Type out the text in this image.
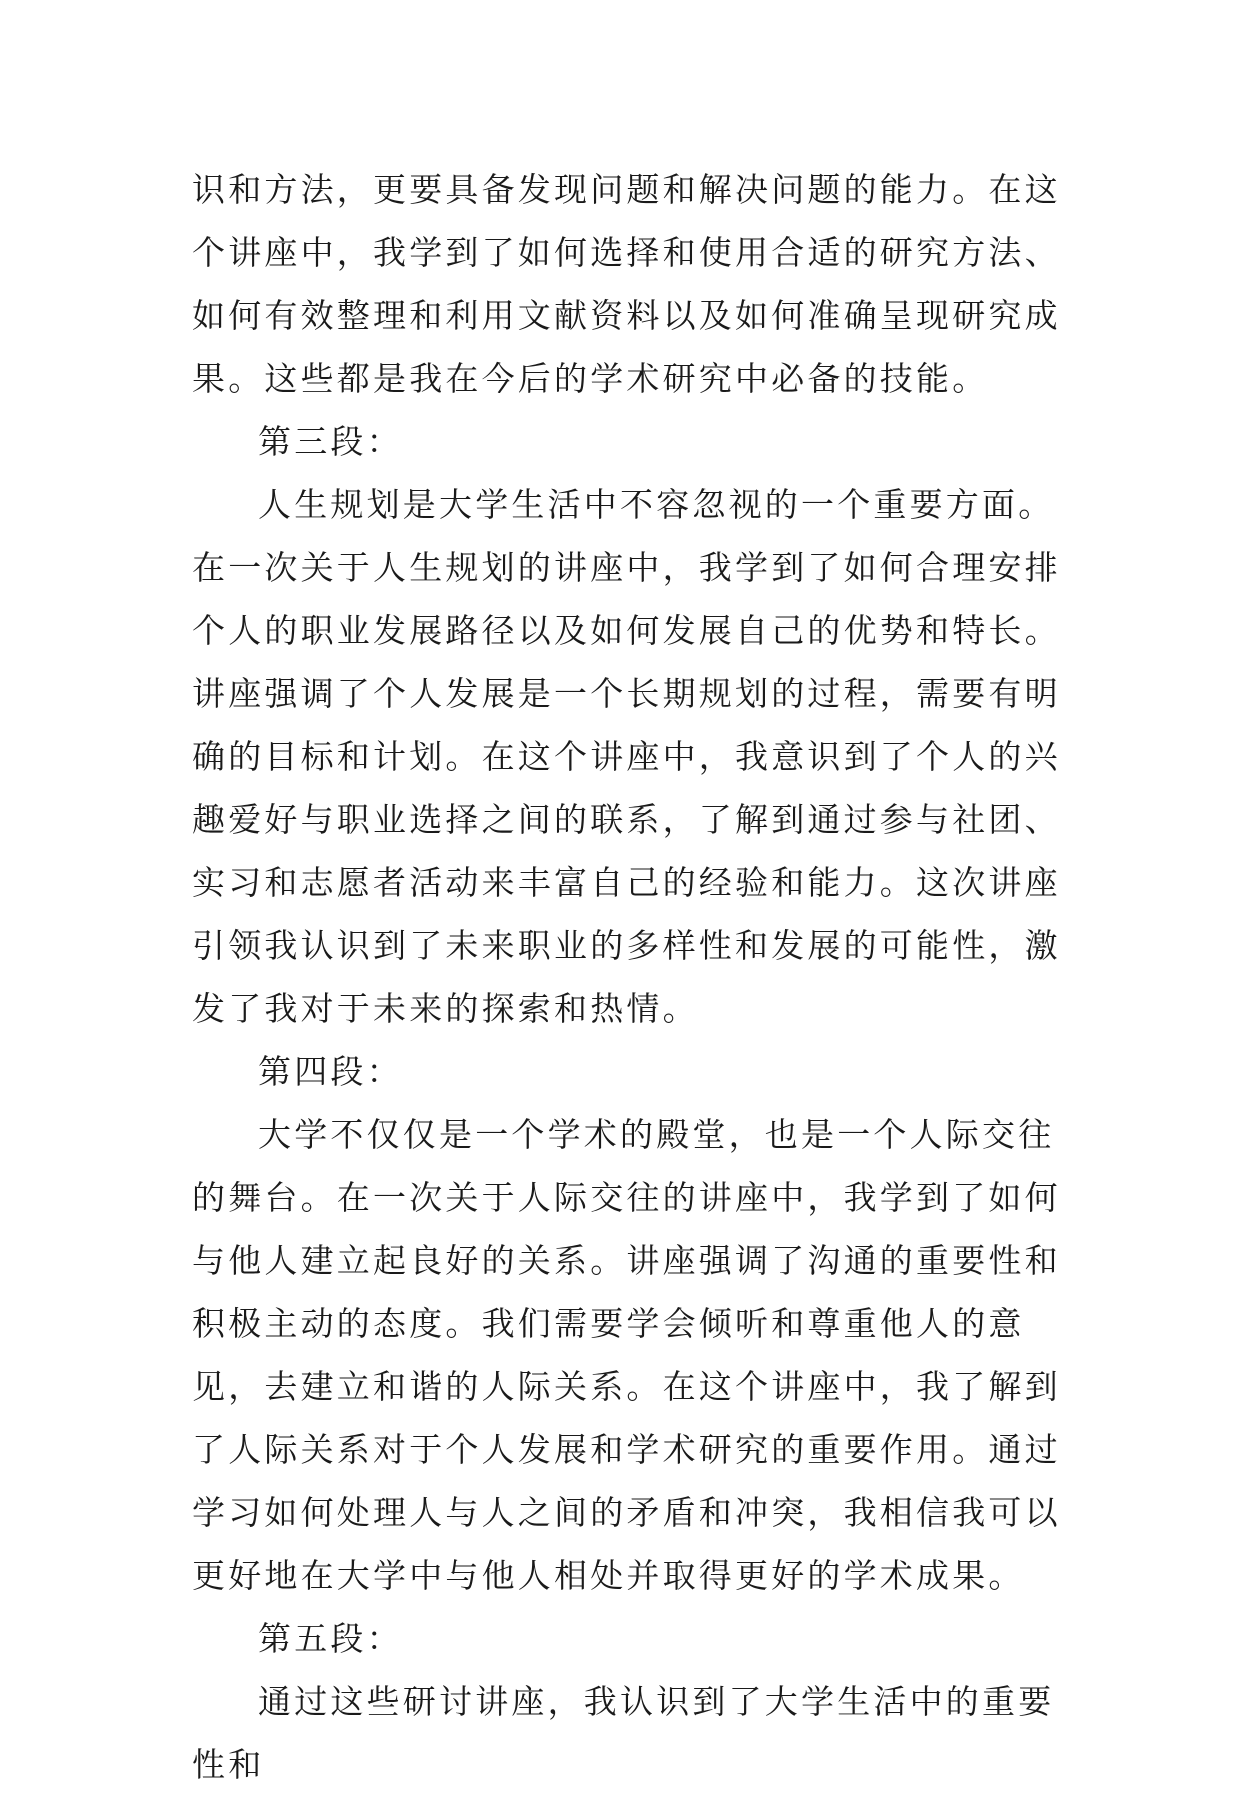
识和方法，更要具备发现问题和解决问题的能力。在这个讲座中，我学到了如何选择和使用合适的研究方法、如何有效整理和利用文献资料以及如何准确呈现研究成果。这些都是我在今后的学术研究中必备的技能。

第三段：

人生规划是大学生活中不容忽视的一个重要方面。在一次关于人生规划的讲座中，我学到了如何合理安排个人的职业发展路径以及如何发展自己的优势和特长。讲座强调了个人发展是一个长期规划的过程，需要有明确的目标和计划。在这个讲座中，我意识到了个人的兴趣爱好与职业选择之间的联系，了解到通过参与社团、实习和志愿者活动来丰富自己的经验和能力。这次讲座引领我认识到了未来职业的多样性和发展的可能性，激发了我对于未来的探索和热情。

第四段：

大学不仅仅是一个学术的殿堂，也是一个人际交往的舞台。在一次关于人际交往的讲座中，我学到了如何与他人建立起良好的关系。讲座强调了沟通的重要性和积极主动的态度。我们需要学会倾听和尊重他人的意见，去建立和谐的人际关系。在这个讲座中，我了解到了人际关系对于个人发展和学术研究的重要作用。通过学习如何处理人与人之间的矛盾和冲突，我相信我可以更好地在大学中与他人相处并取得更好的学术成果。

第五段：

通过这些研讨讲座，我认识到了大学生活中的重要性和
